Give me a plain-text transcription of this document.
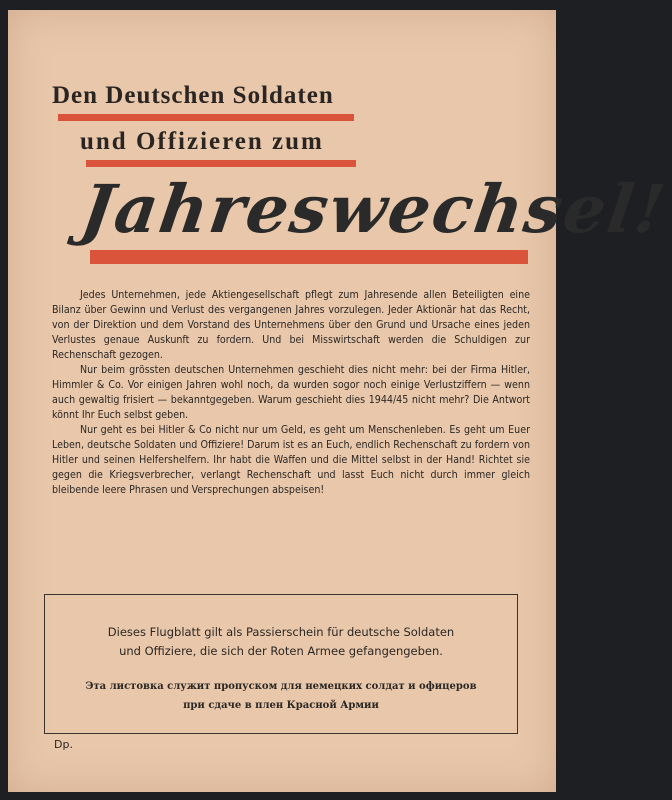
Den Deutschen Soldaten
und Offizieren zum
Jahreswechsel!

Jedes Unternehmen, jede Aktiengesellschaft pflegt zum Jahresende allen Beteiligten eine Bilanz über Gewinn und Verlust des vergangenen Jahres vorzulegen. Jeder Aktionär hat das Recht, von der Direktion und dem Vorstand des Unternehmens über den Grund und Ursache eines jeden Verlustes genaue Auskunft zu fordern. Und bei Misswirtschaft werden die Schuldigen zur Rechenschaft gezogen.

Nur beim grössten deutschen Unternehmen geschieht dies nicht mehr: bei der Firma Hitler, Himmler & Co. Vor einigen Jahren wohl noch, da wurden sogor noch einige Verlustziffern — wenn auch gewaltig frisiert — bekanntgegeben. Warum geschieht dies 1944/45 nicht mehr? Die Antwort könnt Ihr Euch selbst geben.

Nur geht es bei Hitler & Co nicht nur um Geld, es geht um Menschenleben. Es geht um Euer Leben, deutsche Soldaten und Offiziere! Darum ist es an Euch, endlich Rechenschaft zu fordern von Hitler und seinen Helfershelfern. Ihr habt die Waffen und die Mittel selbst in der Hand! Richtet sie gegen die Kriegsverbrecher, verlangt Rechenschaft und lasst Euch nicht durch immer gleich bleibende leere Phrasen und Versprechungen abspeisen!

Dieses Flugblatt gilt als Passierschein für deutsche Soldaten
und Offiziere, die sich der Roten Armee gefangengeben.
Эта листовка служит пропуском для немецких солдат и офицеров
при сдаче в плен Красной Армии
Dp.
